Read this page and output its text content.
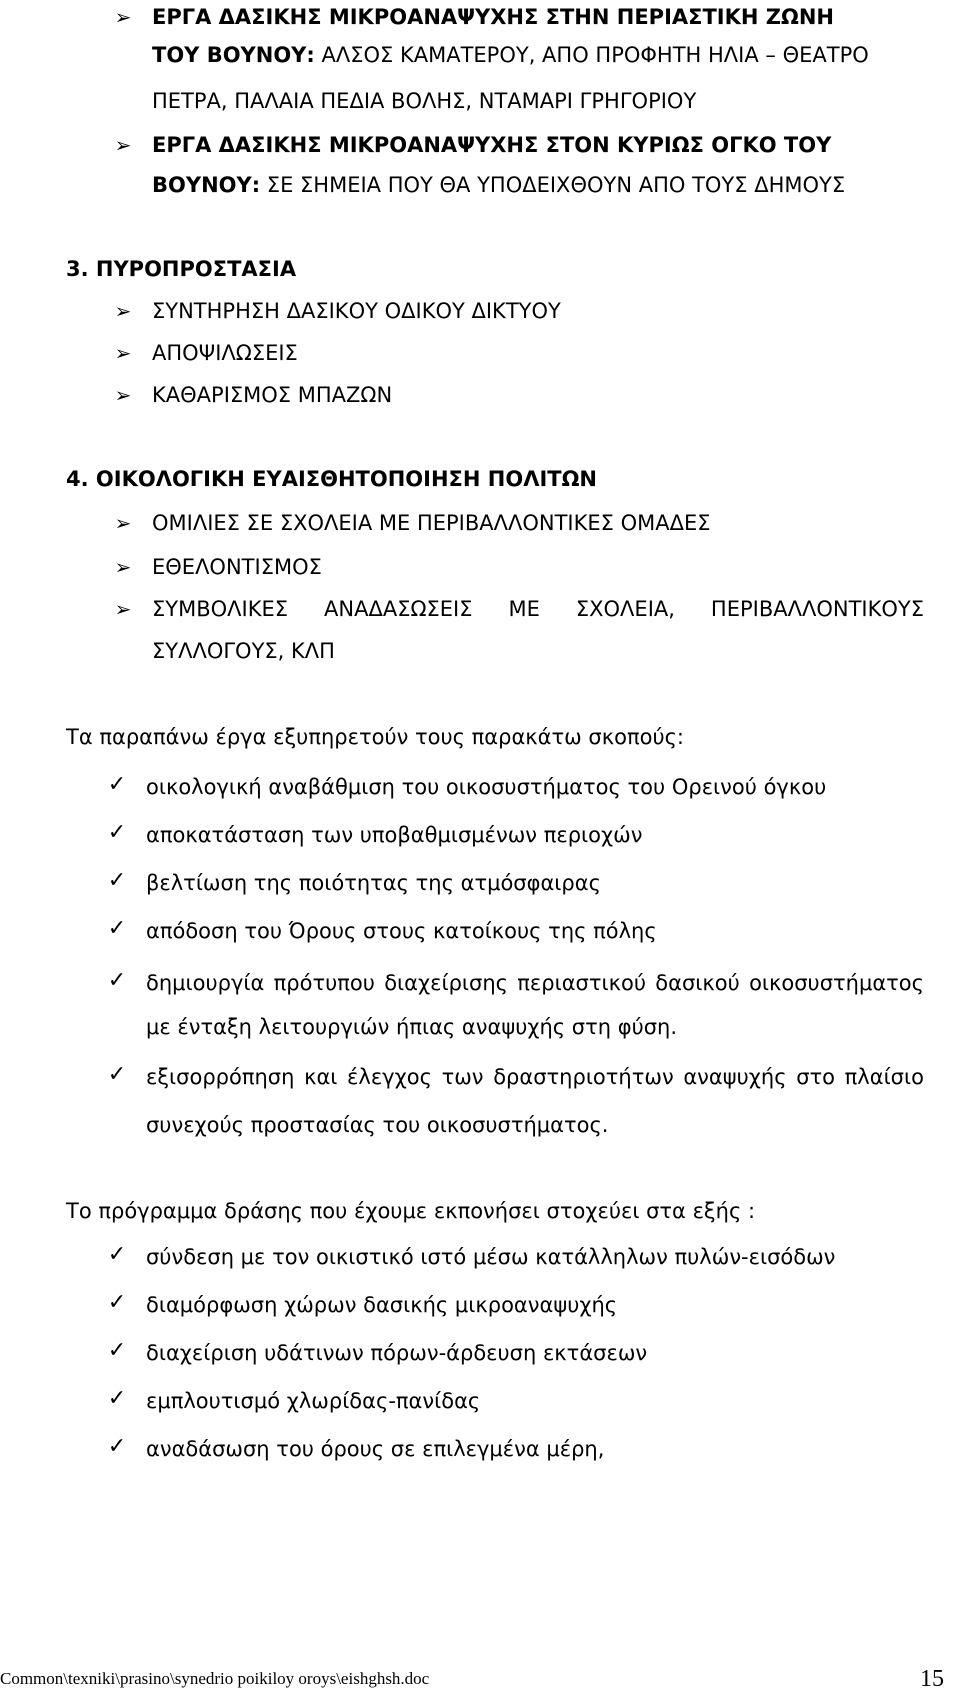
➢ ΕΡΓΑ ΔΑΣΙΚΗΣ ΜΙΚΡΟΑΝΑΨΥΧΗΣ ΣΤΗΝ ΠΕΡΙΑΣΤΙΚΗ ΖΩΝΗ
ΤΟΥ ΒΟΥΝΟΥ: ΑΛΣΟΣ ΚΑΜΑΤΕΡΟΥ, ΑΠΟ ΠΡΟΦΗΤΗ ΗΛΙΑ – ΘΕΑΤΡΟ
ΠΕΤΡΑ, ΠΑΛΑΙΑ ΠΕΔΙΑ ΒΟΛΗΣ, ΝΤΑΜΑΡΙ ΓΡΗΓΟΡΙΟΥ
➢ ΕΡΓΑ ΔΑΣΙΚΗΣ ΜΙΚΡΟΑΝΑΨΥΧΗΣ ΣΤΟΝ ΚΥΡΙΩΣ ΟΓΚΟ ΤΟΥ
ΒΟΥΝΟΥ: ΣΕ ΣΗΜΕΙΑ ΠΟΥ ΘΑ ΥΠΟΔΕΙΧΘΟΥΝ ΑΠΟ ΤΟΥΣ ΔΗΜΟΥΣ
3. ΠΥΡΟΠΡΟΣΤΑΣΙΑ
➢ ΣΥΝΤΗΡΗΣΗ ΔΑΣΙΚΟΥ ΟΔΙΚΟΥ ΔΙΚΤΥΟΥ
➢ ΑΠΟΨΙΛΩΣΕΙΣ
➢ ΚΑΘΑΡΙΣΜΟΣ ΜΠΑΖΩΝ
4. ΟΙΚΟΛΟΓΙΚΗ ΕΥΑΙΣΘΗΤΟΠΟΙΗΣΗ ΠΟΛΙΤΩΝ
➢ ΟΜΙΛΙΕΣ ΣΕ ΣΧΟΛΕΙΑ ΜΕ ΠΕΡΙΒΑΛΛΟΝΤΙΚΕΣ ΟΜΑΔΕΣ
➢ ΕΘΕΛΟΝΤΙΣΜΟΣ
➢ ΣΥΜΒΟΛΙΚΕΣ ΑΝΑΔΑΣΩΣΕΙΣ ΜΕ ΣΧΟΛΕΙΑ, ΠΕΡΙΒΑΛΛΟΝΤΙΚΟΥΣ
ΣΥΛΛΟΓΟΥΣ, ΚΛΠ
Τα παραπάνω έργα εξυπηρετούν τους παρακάτω σκοπούς:
✓ οικολογική αναβάθμιση του οικοσυστήματος του Ορεινού όγκου
✓ αποκατάσταση των υποβαθμισμένων περιοχών
✓ βελτίωση της ποιότητας της ατμόσφαιρας
✓ απόδοση του Όρους στους κατοίκους της πόλης
✓ δημιουργία πρότυπου διαχείρισης περιαστικού δασικού οικοσυστήματος
με ένταξη λειτουργιών ήπιας αναψυχής στη φύση.
✓ εξισορρόπηση και έλεγχος των δραστηριοτήτων αναψυχής στο πλαίσιο
συνεχούς προστασίας του οικοσυστήματος.
Το πρόγραμμα δράσης που έχουμε εκπονήσει στοχεύει στα εξής :
✓ σύνδεση με τον οικιστικό ιστό μέσω κατάλληλων πυλών-εισόδων
✓ διαμόρφωση χώρων δασικής μικροαναψυχής
✓ διαχείριση υδάτινων πόρων-άρδευση εκτάσεων
✓ εμπλουτισμό χλωρίδας-πανίδας
✓ αναδάσωση του όρους σε επιλεγμένα μέρη,
Common\texniki\prasino\synedrio poikiloy oroys\eishghsh.doc	15
